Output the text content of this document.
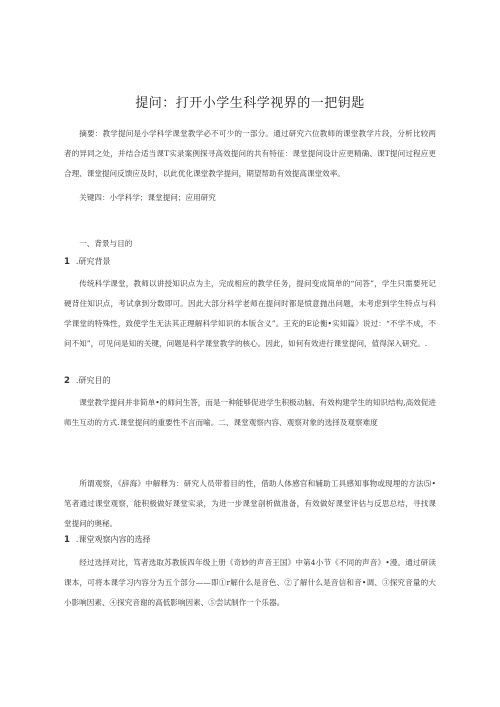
提问：打开小学生科学视界的一把钥匙

摘要：教学提问是小学科学课堂教学必不可少的一部分。通过研究六位教师的课堂教学片段，分析比较两者的异同之处，并结合适当课T实录案例探寻高效提问的共有特征：课堂提问设计应更精确、课T提问过程应更合理、课堂提问反馈应及时，以此优化课堂教学提问，期望帮助有效提高课堂效率。

关键四：小学科学；课堂提问；应用研究

一、背景与目的
1 .研究背景

传统科学课堂，教师以讲授知识点为主，完成相应的教学任务，提问变成简单的“问答”，学生只需要死记硬背住知识点，考试拿到分数即可。因此大部分科学老师在提问时都是愤意抛出问题，未考虑到学生特点与科学课堂的特殊性，致使学生无法其正理解科学知识的本版含义”。王充的E论衡•实知篇》说过：“不学不成，不问不知”，可见问是知的关键，问题是科学课堂教学的核心。因此，如何有效进行课堂提问，值得深入研究。.

2 .研究目的

课堂教学提问并非简单•的师问生答，而是一种能够促进学生积极动脑、有效构建学生的知识结构,高效促进师生互动的方式.课堂提问的重要性不言而喻。二、课堂观察内容、观察对象的选择及观察难度

所谓观察，《辞海》中解释为：研究人员带着目的性，借助人体感官和辅助工具感知事物或现埋的方法⑸•笔者通过课堂观察，能积极做好课堂实录，为进一步课堂剖析做准备，有效做好课堂评估与反思总结，寻找课堂提问的奥秘。

1 .课堂观察内容的选择

经过选择对比，笃者选取苏教版四年级上册《奇妙的声音王国》中第4小节《不同的声音》•漫。通过研读课本，可将本课学习内容分为五个部分——即①r解什么是音色、②了解什么是音信和音•调、③探究音量的大小影响因素、④探究音谢的高低影响因素、⑤尝试制作一个乐器。
